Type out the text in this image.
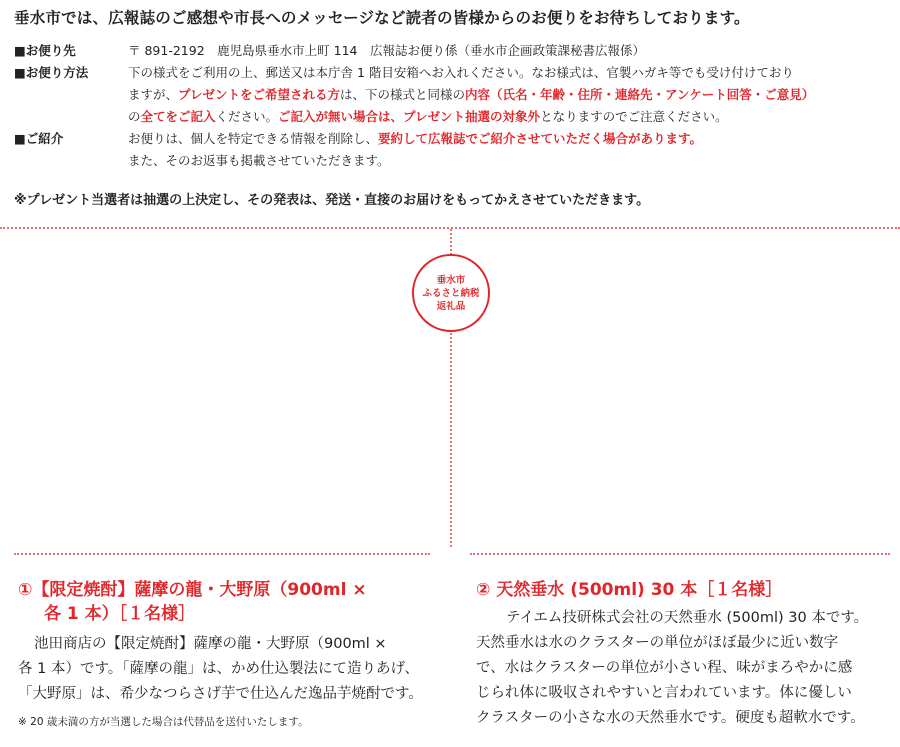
垂水市では、広報誌のご感想や市長へのメッセージなど読者の皆様からのお便りをお待ちしております。
■お便り先	〒 891-2192　鹿児島県垂水市上町 114　広報誌お便り係（垂水市企画政策課秘書広報係）
■お便り方法	下の様式をご利用の上、郵送又は本庁舎 1 階目安箱へお入れください。なお様式は、官製ハガキ等でも受け付けており
ますが、プレゼントをご希望される方は、下の様式と同様の内容（氏名・年齢・住所・連絡先・アンケート回答・ご意見）
の全てをご記入ください。ご記入が無い場合は、プレゼント抽選の対象外となりますのでご注意ください。
■ご紹介	お便りは、個人を特定できる情報を削除し、要約して広報誌でご紹介させていただく場合があります。
また、そのお返事も掲載させていただきます。
※プレゼント当選者は抽選の上決定し、その発表は、発送・直接のお届けをもってかえさせていただきます。
垂水市
ふるさと納税
返礼品
①【限定焼酎】薩摩の龍・大野原（900ml ×
各 1 本）［１名様］
池田商店の【限定焼酎】薩摩の龍・大野原（900ml ×
各 1 本）です。「薩摩の龍」は、かめ仕込製法にて造りあげ、
「大野原」は、希少なつらさげ芋で仕込んだ逸品芋焼酎です。
※ 20 歳未満の方が当選した場合は代替品を送付いたします。
② 天然垂水 (500ml) 30 本［１名様］
テイエム技研株式会社の天然垂水 (500ml) 30 本です。
天然垂水は水のクラスターの単位がほぼ最少に近い数字
で、水はクラスターの単位が小さい程、味がまろやかに感
じられ体に吸収されやすいと言われています。体に優しい
クラスターの小さな水の天然垂水です。硬度も超軟水です。
